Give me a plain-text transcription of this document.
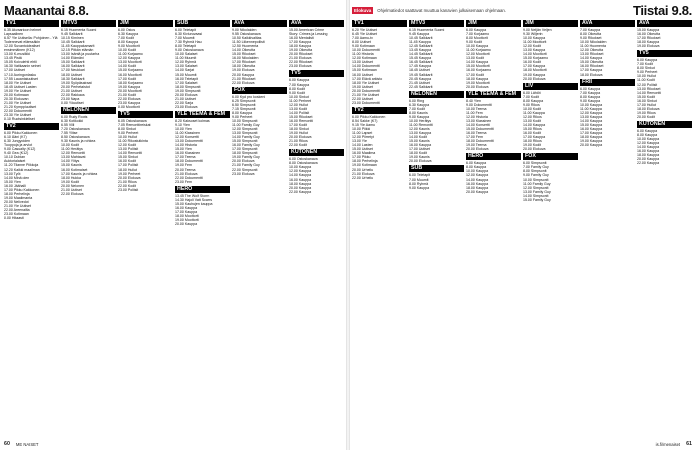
Maanantai 8.8.
TV1
6.35 Akvaarioon helmet
Lapsaalinen
6.57 Yle Uutisella: Pohjoinen - Ylä
Todennevat eläessäkin
12.00 Suvantoidealiset ensimmäinen (K12)
13.00 K-musiikki
13.45 Pistä
15.05 Koivulehti ehtii
16.30 Vatikaanin seinet
17.00 Uutiset
17.10 Auringonlasku
17.55 Lauantaiuutiset
18.00 Yle Uutiset
18.45 Uutiset Lasten
19.00 Yle Uutiset
20.00 Kotimaan
20.30 Elokuvan
21.00 Yle Uutiset
21.20 Kymppiuutiset
22.00 Dokumentti
23.30 Yle Uutiset
0.10 Ruotsinkieliset
TV2
6.00 Pikku Kakkonen
6.10 Ääni (K7)
6.30 Jungyoiden
Tuoppoja ja arviot
9.00 Casualty (K12)
9.40 Gea (K12)
10.10 Dubian
Auktorialaiset
11.20 Tilanne Piikkoja
12.20 Kaikki maailman
13.00 Työt
14.00 Minä olen
15.00 Ylen
16.00 Jäähalli
17.00 Pikku Kakkonen
18.00 Perhelinja
19.00 Maailmanta
20.00 Nelivedot
21.00 Yle Uutiset
22.00 Areenailta
23.00 Kotimaan
0.00 Hitaasti
MTV3
6.15 Huomenta Suomi
9.45 Salkkarit
10.15 Kiminen
10.45 Salkkarit
11.45 Kauppakamarit
12.15 Pitkän elämän
13.00 Isäntä ja puutarha
14.00 Elämäni
15.00 Salkkarit
16.00 Salkkarit
17.00 Neukkari
18.00 Uutiset
18.30 Salkkarit
19.00 Syöpäsairaat
20.00 Perhetaistot
21.00 Uutiset
22.00 Rakkaus
23.00 Napa
0.00 Yöuutiset
NELONEN
6.00 Rudy Roots
6.30 Kotikokki
6.55 Villi
7.20 Ostoskanava
7.55 Ylitse
8.50 Ostoskanava
9.30 Kaunis ja rohkea
10.00 Kodit
11.00 Herätys
12.00 Remontti
13.00 Mahtavat
14.00 Ylitys
15.00 Kaunis
16.00 Kotimaiset
17.00 Kaunis ja rohkea
18.00 Hukka
19.00 Kodit
20.00 Nelonen
21.00 Uutiset
22.00 Elokuva
JIM
6.00 Ostos
6.30 Kauppa
7.00 Kodit
8.00 Kauppa
9.00 Moottorit
10.00 Kodit
11.00 Korjaamo
12.00 Kauppa
13.00 Moottorit
14.00 Kodit
15.00 Korjaamo
16.00 Moottorit
17.00 Kodit
18.00 Korjaamo
19.00 Kauppa
20.00 Moottorit
21.00 Kodit
22.00 Elokuva
23.00 Kauppa
0.00 Moottorit
TV5
6.05 Ostoskanava
7.05 Remonttireiskat
8.00 Sinkut
9.00 Perheet
10.00 Hullut
11.00 Rikostutkinta
12.00 Kodit
13.00 Poliisit
14.00 Remontti
15.00 Sinkut
16.00 Kodit
17.00 Poliisit
18.00 Hullut
19.00 Perheet
20.00 Elokuva
21.00 Rikos
22.00 Kodit
23.00 Poliisit
SUB
6.00 Teletapit
6.30 Kiviuruvaasi
7.00 Muumit
7.30 Ryhmä Hau
8.00 Teletapit
9.00 Ostoskanava
10.00 Salaiset
11.00 Muumit
12.00 Ryhmä
13.00 Salaiset
14.00 Sarjat
15.00 Muumit
16.00 Teletapit
17.00 Salaiset
18.00 Simpsonit
19.00 Simpsonit
20.00 Elokuva
21.00 Uutiset
22.00 Sarja
23.00 Elokuva
YLE TEEMA & FEM
8.20 Kaksoset kolmas
9.10 Ylen
10.00 Ylen
11.00 Klassinen
12.00 Konsertti
13.00 Dokumentti
14.00 Historia
15.00 Ylen
16.00 Klassinen
17.00 Teema
18.00 Dokumentti
19.00 Fem
20.00 Teema
21.00 Elokuva
22.00 Dokumentti
23.00 Fem
HERO
13.45 The Wolf Storm
14.30 Hajoli Vatt Scarrs
15.00 Kauhujen kauppa
16.00 Kauppa
17.00 Kauppa
18.00 Moottorit
19.00 Moottorit
20.00 Kauppa
AVA
9.00 Nikolaiden
9.55 Ostoskanava
10.50 Kaikkivaltias
11.50 Liikennepoliisit
12.50 Huomenta
14.00 Oikeutta
15.00 Rikokset
16.00 Nikolaiden
17.00 Rikokset
18.00 Oikeutta
19.00 Elokuva
20.00 Kauppa
21.00 Rikokset
22.00 Elokuva
FOX
6.00 Kyd pro koskeni
6.25 Simpsonit
6.50 Simpsonit
7.15 Simpsonit
8.00 Kauppa
9.00 Perheet
10.00 Simpsonit
11.00 Family Guy
12.00 Simpsonit
13.00 Simpsonit
14.00 Family Guy
15.00 Simpsonit
16.00 Family Guy
17.00 Simpsonit
18.00 Simpsonit
19.00 Family Guy
20.00 Elokuva
21.00 Family Guy
22.00 Simpsonit
23.00 Elokuva
AVA
15.00 American Crime
Story: Crimes ja Lessing
16.00 Mentalisti
17.00 Kauppa
18.00 Kauppa
19.00 Oikeutta
20.00 Rikokset
21.00 Elokuva
22.00 Rikokset
23.00 Elokuva
TV5
6.00 Kauppa
7.00 Kauppa
8.00 Kodit
9.00 Kodit
10.00 Sinkut
11.00 Perheet
12.00 Hullut
13.00 Kodit
14.00 Poliisit
15.00 Rikokset
16.00 Remontti
17.00 Kodit
18.00 Sinkut
19.00 Hullut
20.00 Elokuva
21.00 Rikos
22.00 Kodit
KUTONEN
6.00 Ostoskanava
8.00 Ostoskanava
10.00 Kauppa
12.00 Kauppa
14.00 Kauppa
16.00 Kauppa
18.00 Kauppa
20.00 Kauppa
22.00 Kauppa
60 ME NAISET
Elokuva	Ohjelmatiedot saattavat muuttua kanavien julkaisemaan ohjelmaan.	Tiistai 9.8.
TV1
6.20 Yle Uutiset
6.45 Yle Uutiset
7.00 Aamu-tv
8.00 Uutiset
9.00 Kotimaan
10.00 Dokumentti
11.00 Historia
12.00 Kotimaan
13.00 Uutiset
14.00 Dokumentti
15.00 Kotimaan
16.00 Uutiset
17.00 Elävä arkisto
18.00 Yle Uutiset
19.00 Uutiset
20.00 Dokumentti
21.00 Yle Uutiset
22.00 Uutiset
23.00 Dokumentti
TV2
6.00 Pikku Kakkonen
8.54 Sakke (K7)
9.15 Yle Aamu
10.00 Piikki
11.00 Lapset
12.00 Piirretyt
13.00 Yle
14.00 Lasten
15.00 Uutiset
16.00 Maailma
17.00 Pikku
18.00 Perhelinja
19.00 Kotimaan
20.00 Urheilu
21.00 Elokuva
22.00 Urheilu
MTV3
6.15 Huomenta Suomi
9.45 Kauppa
10.45 Salkkarit
11.45 Kauppa
12.45 Salkkarit
13.45 Kauppa
14.45 Salkkarit
15.45 Kauppa
16.45 Salkkarit
17.45 Kauppa
18.45 Uutiset
19.45 Salkkarit
20.45 Kauppa
21.45 Uutiset
22.45 Salkkarit
NELONEN
6.00 Ring
6.30 Kauppa
7.00 Kodit
8.00 Kaunis
9.00 Kauppa
10.00 Herätys
11.00 Remontti
12.00 Kaunis
13.00 Kauppa
14.00 Kodit
15.00 Kaunis
16.00 Kauppa
17.00 Uutiset
18.00 Kodit
19.00 Kaunis
20.00 Elokuva
SUB
6.00 Teletapit
7.00 Muumit
8.00 Ryhmä
9.00 Kauppa
JIM
6.00 Kauppa
7.00 Korjaamo
8.00 Moottorit
9.00 Kodit
10.00 Kauppa
11.00 Korjaamo
12.00 Moottorit
13.00 Kodit
14.00 Kauppa
15.00 Moottorit
16.00 Korjaamo
17.00 Kodit
18.00 Kauppa
19.00 Moottorit
20.00 Elokuva
YLE TEEMA & FEM
8.40 Ylen
9.00 Dokumentti
10.00 Teema
11.00 Fem
12.00 Historia
13.00 Klassinen
14.00 Konsertti
15.00 Dokumentti
16.00 Teema
17.00 Fem
18.00 Dokumentti
19.00 Teema
20.00 Elokuva
HERO
6.00 Kauppa
8.00 Kauppa
10.00 Kauppa
12.00 Kauppa
14.00 Kauppa
16.00 Kauppa
18.00 Kauppa
20.00 Kauppa
JIM
9.00 Neljän Veljen
9.30 Wiljerin
10.00 Kauppa
11.00 Moottorit
12.00 Kodit
13.00 Kauppa
14.00 Moottorit
15.00 Korjaamo
16.00 Kodit
17.00 Kauppa
18.00 Moottorit
19.00 Kauppa
20.00 Elokuva
LIV
6.00 Lähiöt
7.00 Kodit
8.00 Kauppa
9.00 Rikos
10.00 Kodit
11.00 Kauppa
12.00 Rikos
13.00 Kodit
14.00 Kauppa
15.00 Rikos
16.00 Kodit
17.00 Kauppa
18.00 Rikos
19.00 Kodit
20.00 Elokuva
FOX
6.00 Simpsonit
7.00 Family Guy
8.00 Simpsonit
9.00 Family Guy
10.00 Simpsonit
11.00 Family Guy
12.00 Simpsonit
13.00 Family Guy
14.00 Simpsonit
15.00 Family Guy
AVA
7.00 Kauppa
8.00 Oikeutta
9.00 Rikokset
10.00 Nikolaiden
11.00 Huomenta
12.00 Oikeutta
13.00 Rikokset
14.00 Kauppa
15.00 Oikeutta
16.00 Rikokset
17.00 Kauppa
18.00 Elokuva
FRII
6.00 Kauppa
7.00 Kauppa
8.00 Kauppa
9.00 Kauppa
10.00 Kauppa
11.00 Kauppa
12.00 Kauppa
13.00 Kauppa
14.00 Kauppa
15.00 Kauppa
16.00 Kauppa
17.00 Kauppa
18.00 Kauppa
19.00 Kauppa
20.00 Kauppa
AVA
15.00 Kauppa
16.00 Oikeutta
17.00 Rikokset
18.00 Kauppa
19.00 Elokuva
TV5
6.00 Kauppa
7.00 Kodit
8.00 Sinkut
9.00 Perheet
10.00 Hullut
11.00 Kodit
12.00 Poliisit
13.00 Rikokset
14.00 Remontti
15.00 Kodit
16.00 Sinkut
17.00 Hullut
18.00 Elokuva
19.00 Rikos
20.00 Kodit
KUTONEN
6.00 Kauppa
8.00 Kauppa
10.00 Kauppa
12.00 Kauppa
14.00 Kauppa
16.00 Kauppa
18.00 Kauppa
20.00 Kauppa
22.00 Kauppa
is.fi/menaiset 61
